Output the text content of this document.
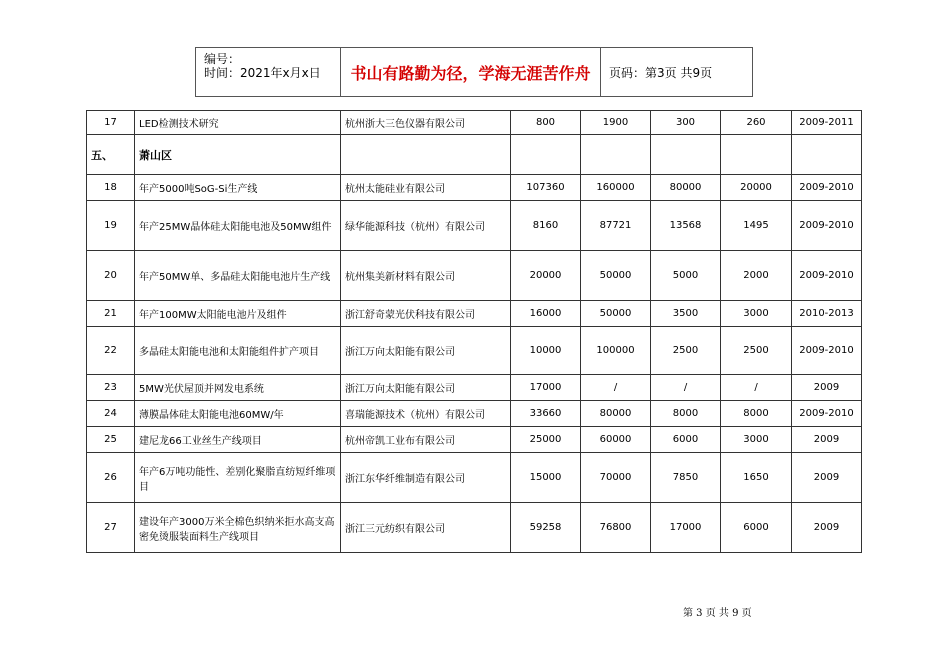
编号：
时间：2021年x月x日	书山有路勤为径，学海无涯苦作舟	页码：第3页 共9页
17	LED检测技术研究	杭州浙大三色仪器有限公司	800	1900	300	260	2009-2011
五、	萧山区						
18	年产5000吨SoG-Si生产线	杭州太能硅业有限公司	107360	160000	80000	20000	2009-2010
19	年产25MW晶体硅太阳能电池及50MW组件	绿华能源科技（杭州）有限公司	8160	87721	13568	1495	2009-2010
20	年产50MW单、多晶硅太阳能电池片生产线	杭州集美新材料有限公司	20000	50000	5000	2000	2009-2010
21	年产100MW太阳能电池片及组件	浙江舒奇蒙光伏科技有限公司	16000	50000	3500	3000	2010-2013
22	多晶硅太阳能电池和太阳能组件扩产项目	浙江万向太阳能有限公司	10000	100000	2500	2500	2009-2010
23	5MW光伏屋顶并网发电系统	浙江万向太阳能有限公司	17000	/	/	/	2009
24	薄膜晶体硅太阳能电池60MW/年	喜瑞能源技术（杭州）有限公司	33660	80000	8000	8000	2009-2010
25	建尼龙66工业丝生产线项目	杭州帝凯工业布有限公司	25000	60000	6000	3000	2009
26	年产6万吨功能性、差别化聚脂直纺短纤维项目	浙江东华纤维制造有限公司	15000	70000	7850	1650	2009
27	建设年产3000万米全棉色织纳米拒水高支高密免烫服装面料生产线项目	浙江三元纺织有限公司	59258	76800	17000	6000	2009
第 3 页 共 9 页
